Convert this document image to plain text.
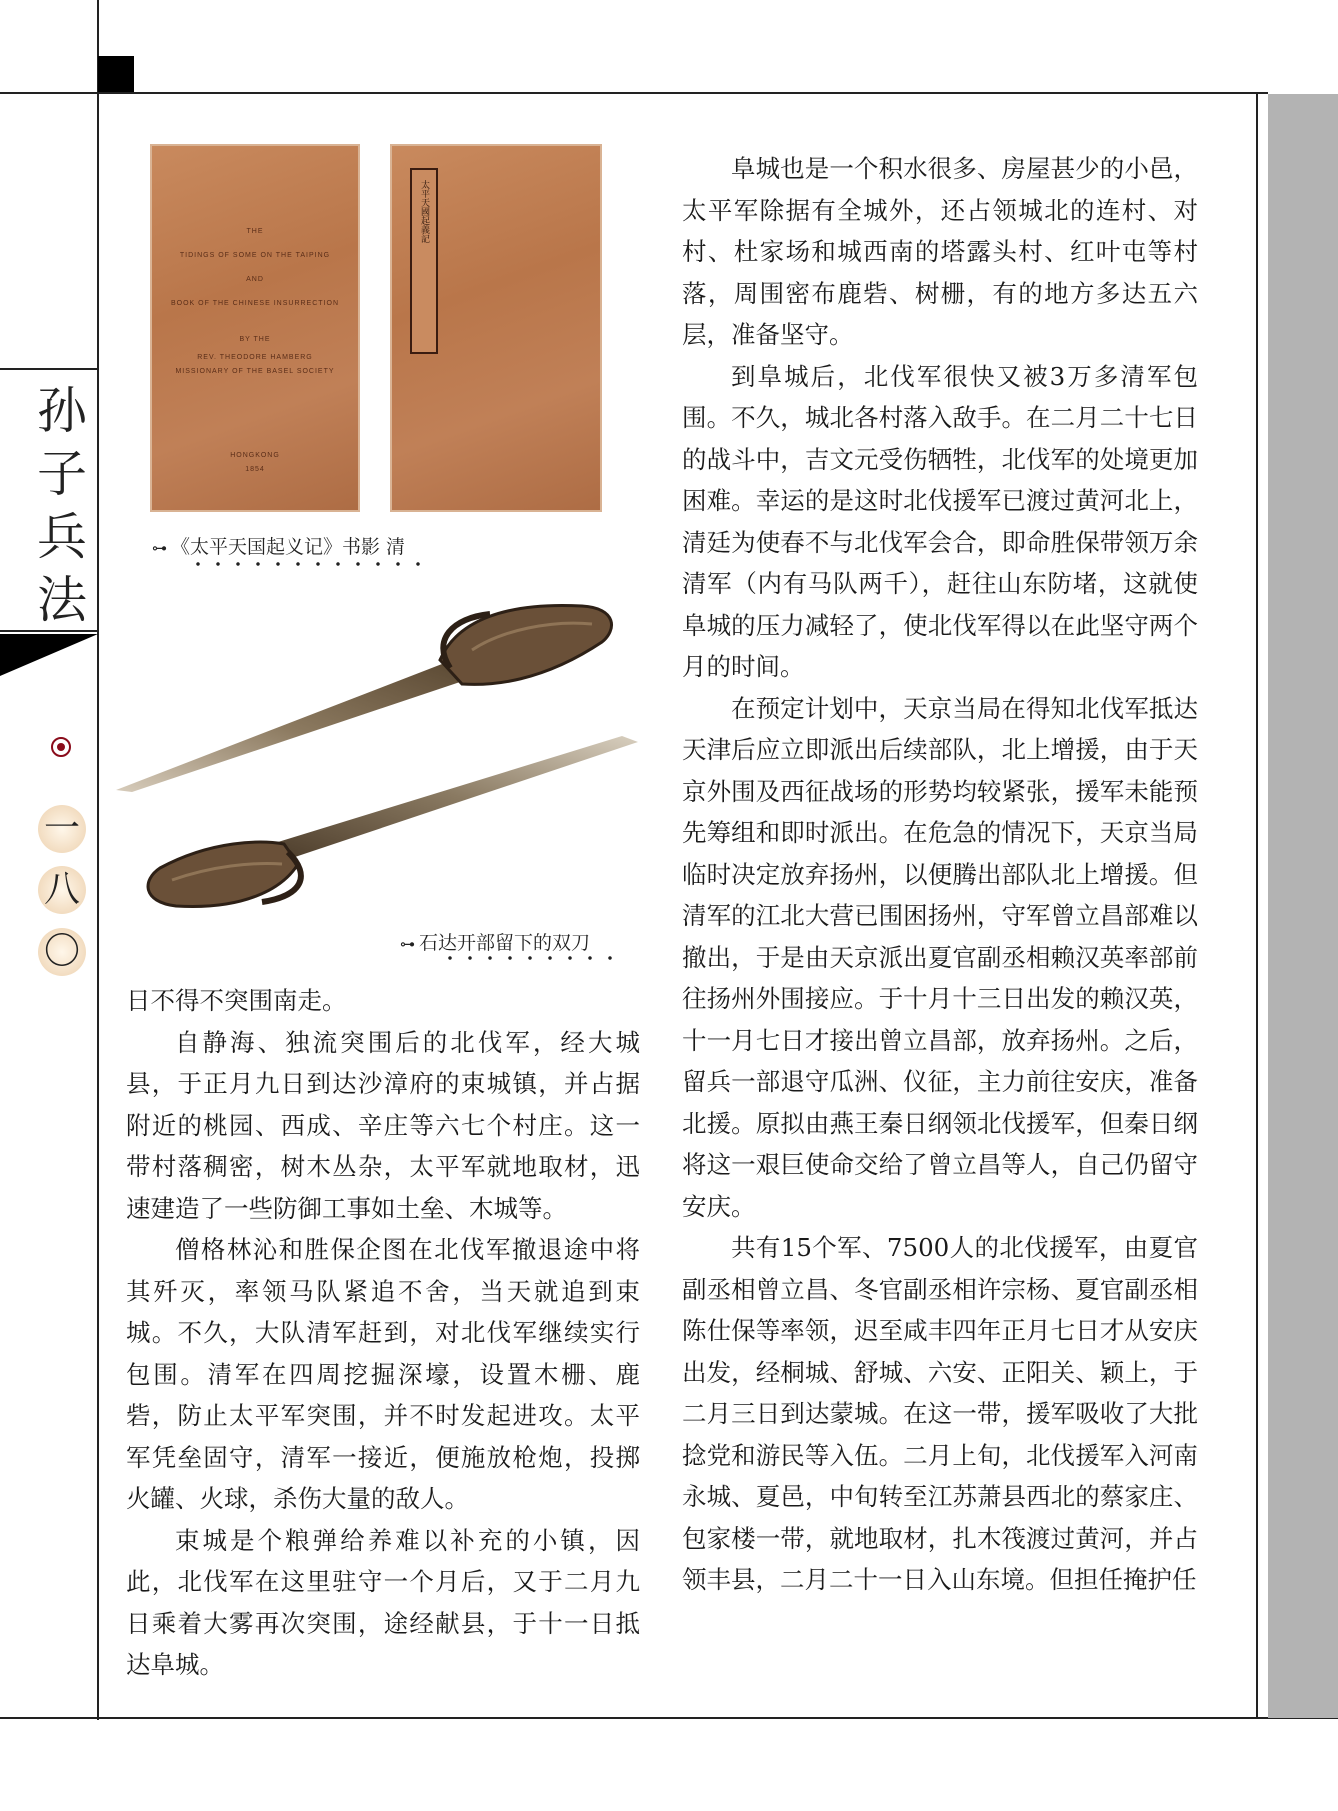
孙
子
兵
法
一
八
〇
THE
TIDINGS OF SOME ON THE TAIPING
AND
BOOK OF THE CHINESE INSURRECTION
BY THE
REV. THEODORE HAMBERG
MISSIONARY OF THE BASEL SOCIETY
HONGKONG
1854
太平天國起義記
⊶ 《太平天国起义记》书影 清
⊶ 石达开部留下的双刀

日不得不突围南走。

自静海、独流突围后的北伐军，经大城县，于正月九日到达沙漳府的束城镇，并占据附近的桃园、西成、辛庄等六七个村庄。这一带村落稠密，树木丛杂，太平军就地取材，迅速建造了一些防御工事如土垒、木城等。

僧格林沁和胜保企图在北伐军撤退途中将其歼灭，率领马队紧追不舍，当天就追到束城。不久，大队清军赶到，对北伐军继续实行包围。清军在四周挖掘深壕，设置木栅、鹿砦，防止太平军突围，并不时发起进攻。太平军凭垒固守，清军一接近，便施放枪炮，投掷火罐、火球，杀伤大量的敌人。

束城是个粮弹给养难以补充的小镇，因此，北伐军在这里驻守一个月后，又于二月九日乘着大雾再次突围，途经献县，于十一日抵达阜城。

阜城也是一个积水很多、房屋甚少的小邑，太平军除据有全城外，还占领城北的连村、对村、杜家场和城西南的塔露头村、红叶屯等村落，周围密布鹿砦、树栅，有的地方多达五六层，准备坚守。

到阜城后，北伐军很快又被3万多清军包围。不久，城北各村落入敌手。在二月二十七日的战斗中，吉文元受伤牺牲，北伐军的处境更加困难。幸运的是这时北伐援军已渡过黄河北上，清廷为使春不与北伐军会合，即命胜保带领万余清军（内有马队两千），赶往山东防堵，这就使阜城的压力减轻了，使北伐军得以在此坚守两个月的时间。

在预定计划中，天京当局在得知北伐军抵达天津后应立即派出后续部队，北上增援，由于天京外围及西征战场的形势均较紧张，援军未能预先筹组和即时派出。在危急的情况下，天京当局临时决定放弃扬州，以便腾出部队北上增援。但清军的江北大营已围困扬州，守军曾立昌部难以撤出，于是由天京派出夏官副丞相赖汉英率部前往扬州外围接应。于十月十三日出发的赖汉英，十一月七日才接出曾立昌部，放弃扬州。之后，留兵一部退守瓜洲、仪征，主力前往安庆，准备北援。原拟由燕王秦日纲领北伐援军，但秦日纲将这一艰巨使命交给了曾立昌等人，自己仍留守安庆。

共有15个军、7500人的北伐援军，由夏官副丞相曾立昌、冬官副丞相许宗杨、夏官副丞相陈仕保等率领，迟至咸丰四年正月七日才从安庆出发，经桐城、舒城、六安、正阳关、颖上，于二月三日到达蒙城。在这一带，援军吸收了大批捻党和游民等入伍。二月上旬，北伐援军入河南永城、夏邑，中旬转至江苏萧县西北的蔡家庄、包家楼一带，就地取材，扎木筏渡过黄河，并占领丰县，二月二十一日入山东境。但担任掩护任
